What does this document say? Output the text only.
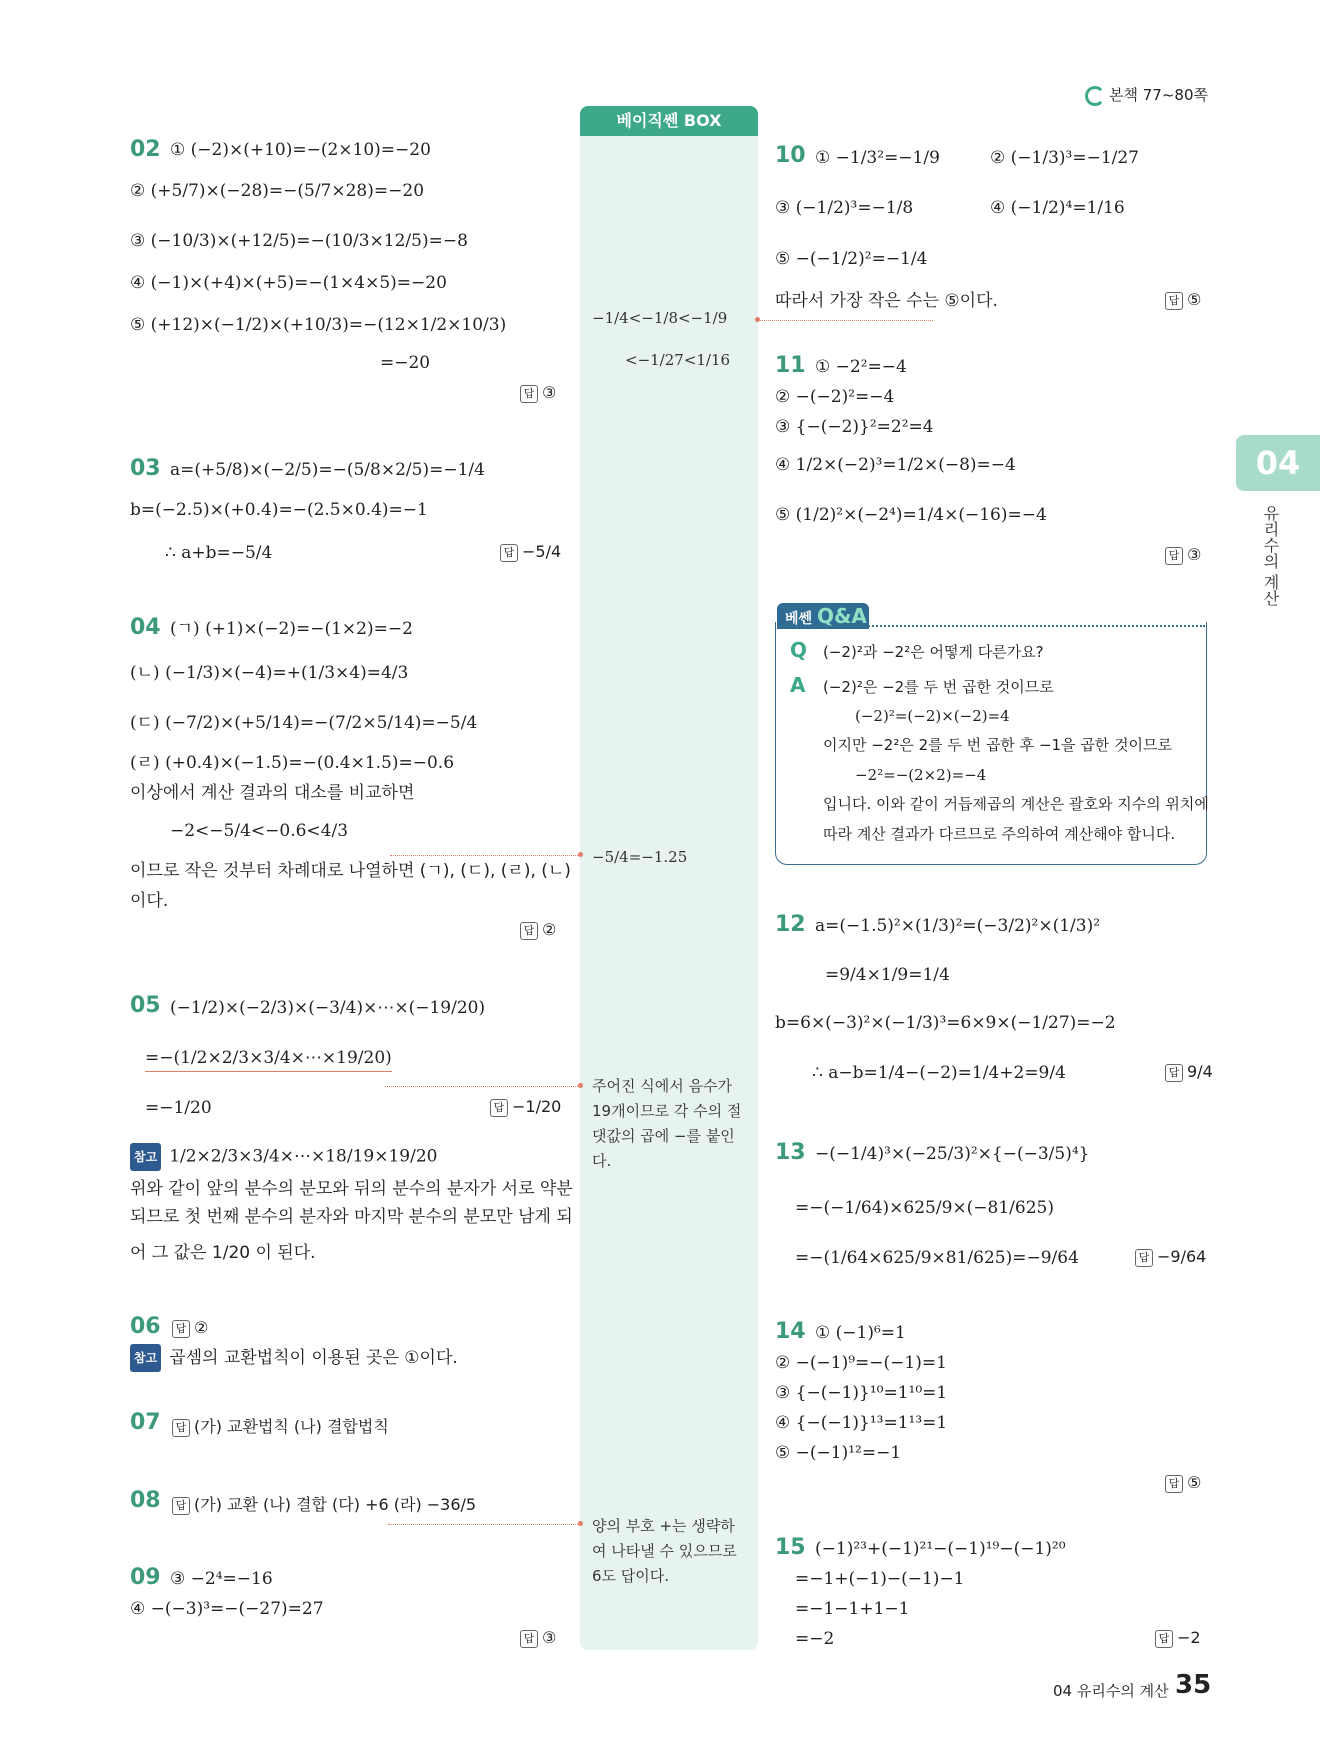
본책 77~80쪽
베이직쎈 BOX
04
유리수의 계산
02 ① (−2)×(+10)=−(2×10)=−20
② (+5/7)×(−28)=−(5/7×28)=−20
③ (−10/3)×(+12/5)=−(10/3×12/5)=−8
④ (−1)×(+4)×(+5)=−(1×4×5)=−20
⑤ (+12)×(−1/2)×(+10/3)=−(12×1/2×10/3)
=−20
답 ③
03 a=(+5/8)×(−2/5)=−(5/8×2/5)=−1/4
b=(−2.5)×(+0.4)=−(2.5×0.4)=−1
∴ a+b=−5/4	답 −5/4
04 (ㄱ) (+1)×(−2)=−(1×2)=−2
(ㄴ) (−1/3)×(−4)=+(1/3×4)=4/3
(ㄷ) (−7/2)×(+5/14)=−(7/2×5/14)=−5/4
(ㄹ) (+0.4)×(−1.5)=−(0.4×1.5)=−0.6
이상에서 계산 결과의 대소를 비교하면
−2<−5/4<−0.6<4/3
이므로 작은 것부터 차례대로 나열하면 (ㄱ), (ㄷ), (ㄹ), (ㄴ)
이다.
답 ②
05 (−1/2)×(−2/3)×(−3/4)×⋯×(−19/20)
=−(1/2×2/3×3/4×⋯×19/20)
=−1/20	답 −1/20
참고 1/2×2/3×3/4×⋯×18/19×19/20
위와 같이 앞의 분수의 분모와 뒤의 분수의 분자가 서로 약분
되므로 첫 번째 분수의 분자와 마지막 분수의 분모만 남게 되
어 그 값은 1/20 이 된다.
06	답 ②
참고 곱셈의 교환법칙이 이용된 곳은 ①이다.
07	답 (가) 교환법칙 (나) 결합법칙
08	답 (가) 교환 (나) 결합 (다) +6 (라) −36/5
09 ③ −2⁴=−16
④ −(−3)³=−(−27)=27
답 ③
−1/4<−1/8<−1/9
<−1/27<1/16
−5/4=−1.25
주어진 식에서 음수가
19개이므로 각 수의 절
댓값의 곱에 −를 붙인
다.
양의 부호 +는 생략하
여 나타낼 수 있으므로
6도 답이다.
10 ① −1/3²=−1/9	② (−1/3)³=−1/27
③ (−1/2)³=−1/8	④ (−1/2)⁴=1/16
⑤ −(−1/2)²=−1/4
따라서 가장 작은 수는 ⑤이다.	답 ⑤
11 ① −2²=−4
② −(−2)²=−4
③ {−(−2)}²=2²=4
④ 1/2×(−2)³=1/2×(−8)=−4
⑤ (1/2)²×(−2⁴)=1/4×(−16)=−4
답 ③
베쎈 Q&A
Q (−2)²과 −2²은 어떻게 다른가요?
A (−2)²은 −2를 두 번 곱한 것이므로
(−2)²=(−2)×(−2)=4
이지만 −2²은 2를 두 번 곱한 후 −1을 곱한 것이므로
−2²=−(2×2)=−4
입니다. 이와 같이 거듭제곱의 계산은 괄호와 지수의 위치에
따라 계산 결과가 다르므로 주의하여 계산해야 합니다.
12 a=(−1.5)²×(1/3)²=(−3/2)²×(1/3)²
=9/4×1/9=1/4
b=6×(−3)²×(−1/3)³=6×9×(−1/27)=−2
∴ a−b=1/4−(−2)=1/4+2=9/4	답 9/4
13 −(−1/4)³×(−25/3)²×{−(−3/5)⁴}
=−(−1/64)×625/9×(−81/625)
=−(1/64×625/9×81/625)=−9/64	답 −9/64
14 ① (−1)⁶=1
② −(−1)⁹=−(−1)=1
③ {−(−1)}¹⁰=1¹⁰=1
④ {−(−1)}¹³=1¹³=1
⑤ −(−1)¹²=−1
답 ⑤
15 (−1)²³+(−1)²¹−(−1)¹⁹−(−1)²⁰
=−1+(−1)−(−1)−1
=−1−1+1−1
=−2	답 −2
04 유리수의 계산 35
